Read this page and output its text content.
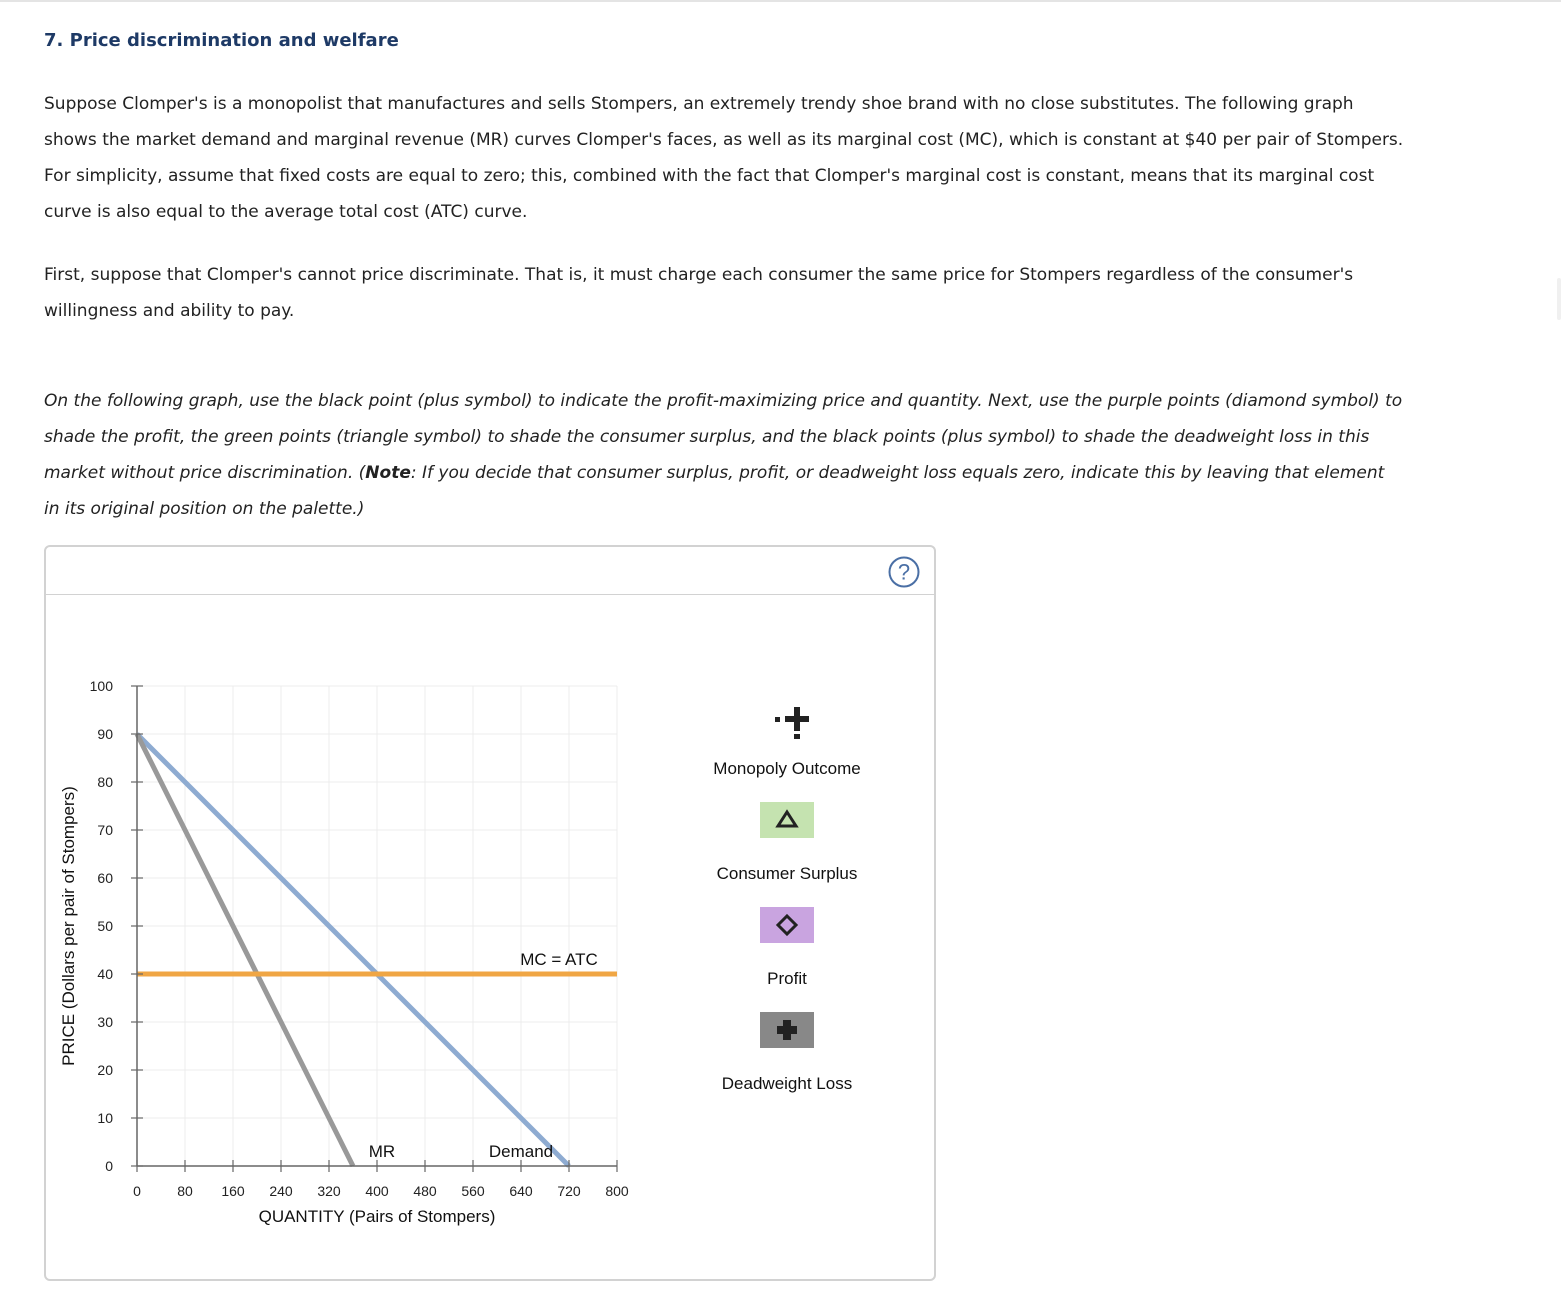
7. Price discrimination and welfare

Suppose Clomper's is a monopolist that manufactures and sells Stompers, an extremely trendy shoe brand with no close substitutes. The following graph shows the market demand and marginal revenue (MR) curves Clomper's faces, as well as its marginal cost (MC), which is constant at $40 per pair of Stompers. For simplicity, assume that fixed costs are equal to zero; this, combined with the fact that Clomper's marginal cost is constant, means that its marginal cost curve is also equal to the average total cost (ATC) curve.

First, suppose that Clomper's cannot price discriminate. That is, it must charge each consumer the same price for Stompers regardless of the consumer's willingness and ability to pay.

On the following graph, use the black point (plus symbol) to indicate the profit-maximizing price and quantity. Next, use the purple points (diamond symbol) to shade the profit, the green points (triangle symbol) to shade the consumer surplus, and the black points (plus symbol) to shade the deadweight loss in this market without price discrimination. (Note: If you decide that consumer surplus, profit, or deadweight loss equals zero, indicate this by leaving that element in its original position on the palette.)

?
0
10
20
30
40
50
60
70
80
90
100
0	80 160 240 320 400 480 560 640 720 800
QUANTITY (Pairs of Stompers)
PRICE (Dollars per pair of Stompers)
Demand
MR
MC = ATC
Monopoly Outcome
Consumer Surplus
Profit
Deadweight Loss
